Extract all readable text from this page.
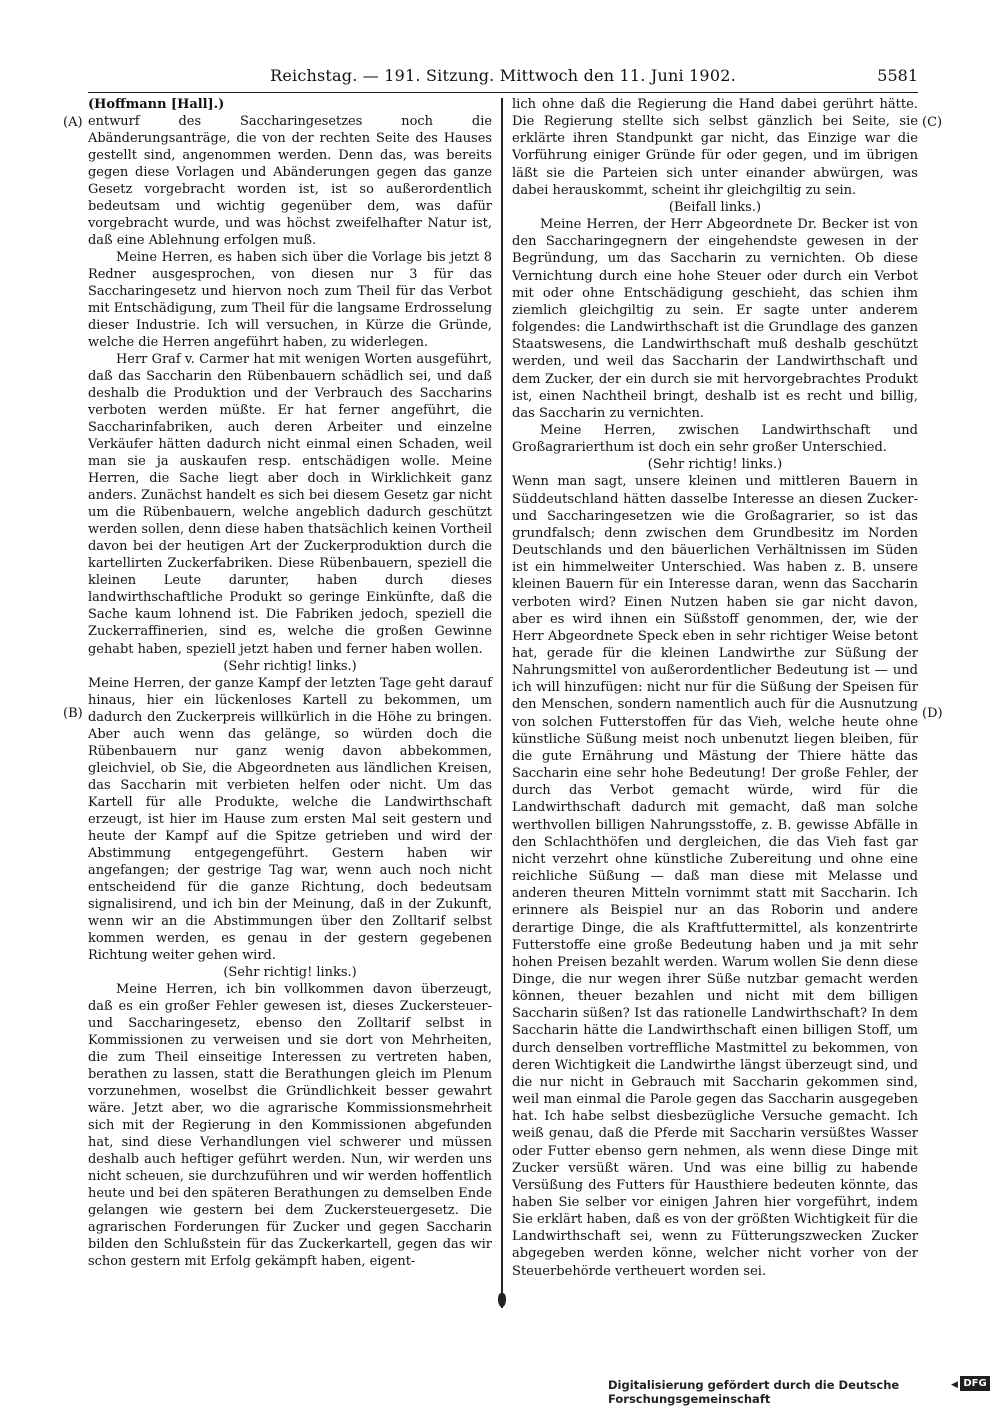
Reichstag. — 191. Sitzung. Mittwoch den 11. Juni 1902.	5581
(A)
(B)
(C)
(D)

(Hoffmann [Hall].)

entwurf des Saccharingesetzes noch die Abänderungsanträge, die von der rechten Seite des Hauses gestellt sind, angenommen werden. Denn das, was bereits gegen diese Vorlagen und Abänderungen gegen das ganze Gesetz vorgebracht worden ist, ist so außerordentlich bedeutsam und wichtig gegenüber dem, was dafür vorgebracht wurde, und was höchst zweifelhafter Natur ist, daß eine Ablehnung erfolgen muß.

Meine Herren, es haben sich über die Vorlage bis jetzt 8 Redner ausgesprochen, von diesen nur 3 für das Saccharingesetz und hiervon noch zum Theil für das Verbot mit Entschädigung, zum Theil für die langsame Erdrosselung dieser Industrie. Ich will versuchen, in Kürze die Gründe, welche die Herren angeführt haben, zu widerlegen.

Herr Graf v. Carmer hat mit wenigen Worten ausgeführt, daß das Saccharin den Rübenbauern schädlich sei, und daß deshalb die Produktion und der Verbrauch des Saccharins verboten werden müßte. Er hat ferner angeführt, die Saccharinfabriken, auch deren Arbeiter und einzelne Verkäufer hätten dadurch nicht einmal einen Schaden, weil man sie ja auskaufen resp. entschädigen wolle. Meine Herren, die Sache liegt aber doch in Wirklichkeit ganz anders. Zunächst handelt es sich bei diesem Gesetz gar nicht um die Rübenbauern, welche angeblich dadurch geschützt werden sollen, denn diese haben thatsächlich keinen Vortheil davon bei der heutigen Art der Zuckerproduktion durch die kartellirten Zuckerfabriken. Diese Rübenbauern, speziell die kleinen Leute darunter, haben durch dieses landwirthschaftliche Produkt so geringe Einkünfte, daß die Sache kaum lohnend ist. Die Fabriken jedoch, speziell die Zuckerraffinerien, sind es, welche die großen Gewinne gehabt haben, speziell jetzt haben und ferner haben wollen.

(Sehr richtig! links.)

Meine Herren, der ganze Kampf der letzten Tage geht darauf hinaus, hier ein lückenloses Kartell zu bekommen, um dadurch den Zuckerpreis willkürlich in die Höhe zu bringen. Aber auch wenn das gelänge, so würden doch die Rübenbauern nur ganz wenig davon abbekommen, gleichviel, ob Sie, die Abgeordneten aus ländlichen Kreisen, das Saccharin mit verbieten helfen oder nicht. Um das Kartell für alle Produkte, welche die Landwirthschaft erzeugt, ist hier im Hause zum ersten Mal seit gestern und heute der Kampf auf die Spitze getrieben und wird der Abstimmung entgegengeführt. Gestern haben wir angefangen; der gestrige Tag war, wenn auch noch nicht entscheidend für die ganze Richtung, doch bedeutsam signalisirend, und ich bin der Meinung, daß in der Zukunft, wenn wir an die Abstimmungen über den Zolltarif selbst kommen werden, es genau in der gestern gegebenen Richtung weiter gehen wird.

(Sehr richtig! links.)

Meine Herren, ich bin vollkommen davon überzeugt, daß es ein großer Fehler gewesen ist, dieses Zuckersteuer- und Saccharingesetz, ebenso den Zolltarif selbst in Kommissionen zu verweisen und sie dort von Mehrheiten, die zum Theil einseitige Interessen zu vertreten haben, berathen zu lassen, statt die Berathungen gleich im Plenum vorzunehmen, woselbst die Gründlichkeit besser gewahrt wäre. Jetzt aber, wo die agrarische Kommissionsmehrheit sich mit der Regierung in den Kommissionen abgefunden hat, sind diese Verhandlungen viel schwerer und müssen deshalb auch heftiger geführt werden. Nun, wir werden uns nicht scheuen, sie durchzuführen und wir werden hoffentlich heute und bei den späteren Berathungen zu demselben Ende gelangen wie gestern bei dem Zuckersteuergesetz. Die agrarischen Forderungen für Zucker und gegen Saccharin bilden den Schlußstein für das Zuckerkartell, gegen das wir schon gestern mit Erfolg gekämpft haben, eigent-

lich ohne daß die Regierung die Hand dabei gerührt hätte. Die Regierung stellte sich selbst gänzlich bei Seite, sie erklärte ihren Standpunkt gar nicht, das Einzige war die Vorführung einiger Gründe für oder gegen, und im übrigen läßt sie die Parteien sich unter einander abwürgen, was dabei herauskommt, scheint ihr gleichgiltig zu sein.

(Beifall links.)

Meine Herren, der Herr Abgeordnete Dr. Becker ist von den Saccharingegnern der eingehendste gewesen in der Begründung, um das Saccharin zu vernichten. Ob diese Vernichtung durch eine hohe Steuer oder durch ein Verbot mit oder ohne Entschädigung geschieht, das schien ihm ziemlich gleichgiltig zu sein. Er sagte unter anderem folgendes: die Landwirthschaft ist die Grundlage des ganzen Staatswesens, die Landwirthschaft muß deshalb geschützt werden, und weil das Saccharin der Landwirthschaft und dem Zucker, der ein durch sie mit hervorgebrachtes Produkt ist, einen Nachtheil bringt, deshalb ist es recht und billig, das Saccharin zu vernichten.

Meine Herren, zwischen Landwirthschaft und Großagrarierthum ist doch ein sehr großer Unterschied.

(Sehr richtig! links.)

Wenn man sagt, unsere kleinen und mittleren Bauern in Süddeutschland hätten dasselbe Interesse an diesen Zucker- und Saccharingesetzen wie die Großagrarier, so ist das grundfalsch; denn zwischen dem Grundbesitz im Norden Deutschlands und den bäuerlichen Verhältnissen im Süden ist ein himmelweiter Unterschied. Was haben z. B. unsere kleinen Bauern für ein Interesse daran, wenn das Saccharin verboten wird? Einen Nutzen haben sie gar nicht davon, aber es wird ihnen ein Süßstoff genommen, der, wie der Herr Abgeordnete Speck eben in sehr richtiger Weise betont hat, gerade für die kleinen Landwirthe zur Süßung der Nahrungsmittel von außerordentlicher Bedeutung ist — und ich will hinzufügen: nicht nur für die Süßung der Speisen für den Menschen, sondern namentlich auch für die Ausnutzung von solchen Futterstoffen für das Vieh, welche heute ohne künstliche Süßung meist noch unbenutzt liegen bleiben, für die gute Ernährung und Mästung der Thiere hätte das Saccharin eine sehr hohe Bedeutung! Der große Fehler, der durch das Verbot gemacht würde, wird für die Landwirthschaft dadurch mit gemacht, daß man solche werthvollen billigen Nahrungsstoffe, z. B. gewisse Abfälle in den Schlachthöfen und dergleichen, die das Vieh fast gar nicht verzehrt ohne künstliche Zubereitung und ohne eine reichliche Süßung — daß man diese mit Melasse und anderen theuren Mitteln vornimmt statt mit Saccharin. Ich erinnere als Beispiel nur an das Roborin und andere derartige Dinge, die als Kraftfuttermittel, als konzentrirte Futterstoffe eine große Bedeutung haben und ja mit sehr hohen Preisen bezahlt werden. Warum wollen Sie denn diese Dinge, die nur wegen ihrer Süße nutzbar gemacht werden können, theuer bezahlen und nicht mit dem billigen Saccharin süßen? Ist das rationelle Landwirthschaft? In dem Saccharin hätte die Landwirthschaft einen billigen Stoff, um durch denselben vortreffliche Mastmittel zu bekommen, von deren Wichtigkeit die Landwirthe längst überzeugt sind, und die nur nicht in Gebrauch mit Saccharin gekommen sind, weil man einmal die Parole gegen das Saccharin ausgegeben hat. Ich habe selbst diesbezügliche Versuche gemacht. Ich weiß genau, daß die Pferde mit Saccharin versüßtes Wasser oder Futter ebenso gern nehmen, als wenn diese Dinge mit Zucker versüßt wären. Und was eine billig zu habende Versüßung des Futters für Hausthiere bedeuten könnte, das haben Sie selber vor einigen Jahren hier vorgeführt, indem Sie erklärt haben, daß es von der größten Wichtigkeit für die Landwirthschaft sei, wenn zu Fütterungszwecken Zucker abgegeben werden könne, welcher nicht vorher von der Steuerbehörde vertheuert worden sei.

Digitalisierung gefördert durch die Deutsche Forschungsgemeinschaft
◀ DFG
